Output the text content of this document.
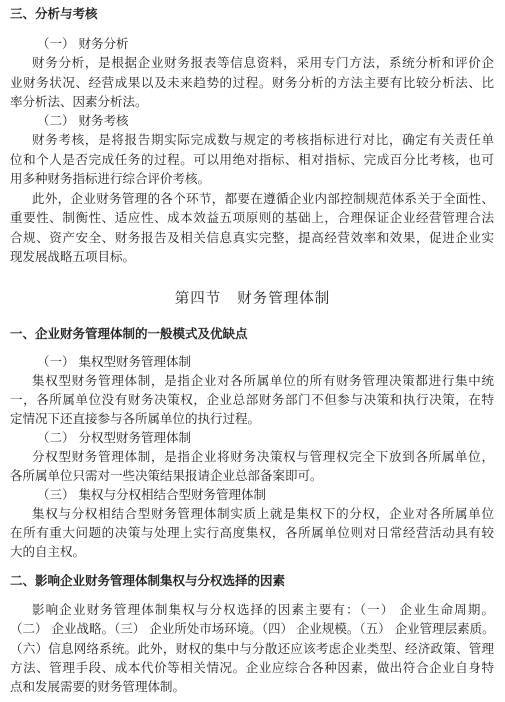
三、分析与考核
（一） 财务分析
财务分析，是根据企业财务报表等信息资料，采用专门方法，系统分析和评价企
业财务状况、经营成果以及未来趋势的过程。财务分析的方法主要有比较分析法、比
率分析法、因素分析法。
（二） 财务考核
财务考核，是将报告期实际完成数与规定的考核指标进行对比，确定有关责任单
位和个人是否完成任务的过程。可以用绝对指标、相对指标、完成百分比考核，也可
用多种财务指标进行综合评价考核。
此外，企业财务管理的各个环节，都要在遵循企业内部控制规范体系关于全面性、
重要性、制衡性、适应性、成本效益五项原则的基础上，合理保证企业经营管理合法
合规、资产安全、财务报告及相关信息真实完整，提高经营效率和效果，促进企业实
现发展战略五项目标。
第四节 财务管理体制
一、企业财务管理体制的一般模式及优缺点
（一） 集权型财务管理体制
集权型财务管理体制，是指企业对各所属单位的所有财务管理决策都进行集中统
一，各所属单位没有财务决策权，企业总部财务部门不但参与决策和执行决策，在特
定情况下还直接参与各所属单位的执行过程。
（二） 分权型财务管理体制
分权型财务管理体制，是指企业将财务决策权与管理权完全下放到各所属单位，
各所属单位只需对一些决策结果报请企业总部备案即可。
（三） 集权与分权相结合型财务管理体制
集权与分权相结合型财务管理体制实质上就是集权下的分权，企业对各所属单位
在所有重大问题的决策与处理上实行高度集权，各所属单位则对日常经营活动具有较
大的自主权。
二、影响企业财务管理体制集权与分权选择的因素
影响企业财务管理体制集权与分权选择的因素主要有：（一） 企业生命周期。
（二） 企业战略。（三） 企业所处市场环境。（四） 企业规模。（五） 企业管理层素质。
（六）信息网络系统。此外，财权的集中与分散还应该考虑企业类型、经济政策、管理
方法、管理手段、成本代价等相关情况。企业应综合各种因素，做出符合企业自身特
点和发展需要的财务管理体制。
